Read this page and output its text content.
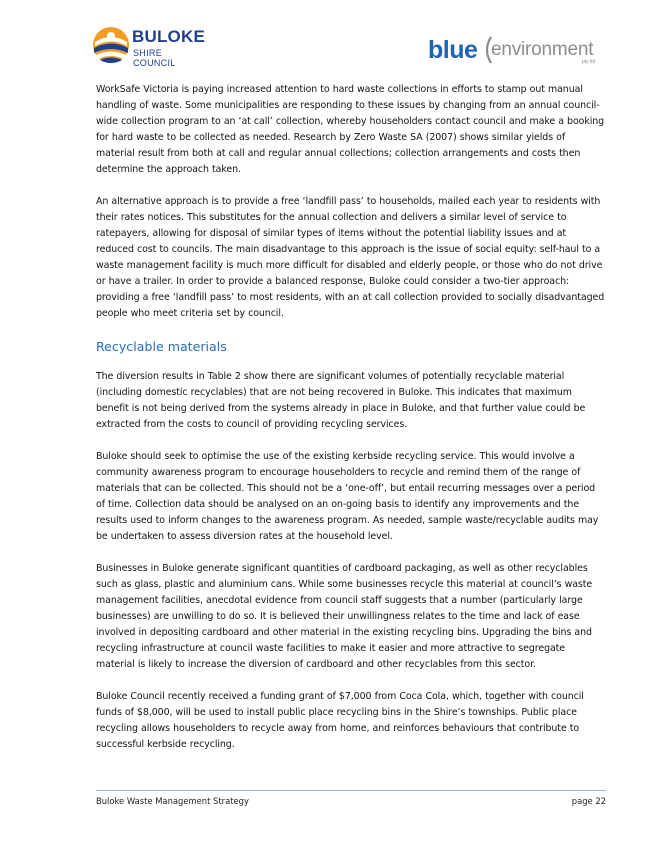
BULOKE
SHIRE COUNCIL	blue environment
pty ltd

WorkSafe Victoria is paying increased attention to hard waste collections in efforts to stamp out manual handling of waste. Some municipalities are responding to these issues by changing from an annual council-wide collection program to an ‘at call’ collection, whereby householders contact council and make a booking for hard waste to be collected as needed. Research by Zero Waste SA (2007) shows similar yields of material result from both at call and regular annual collections; collection arrangements and costs then determine the approach taken.

An alternative approach is to provide a free ‘landfill pass’ to households, mailed each year to residents with their rates notices. This substitutes for the annual collection and delivers a similar level of service to ratepayers, allowing for disposal of similar types of items without the potential liability issues and at reduced cost to councils. The main disadvantage to this approach is the issue of social equity: self-haul to a waste management facility is much more difficult for disabled and elderly people, or those who do not drive or have a trailer. In order to provide a balanced response, Buloke could consider a two-tier approach: providing a free ‘landfill pass’ to most residents, with an at call collection provided to socially disadvantaged people who meet criteria set by council.

Recyclable materials

The diversion results in Table 2 show there are significant volumes of potentially recyclable material (including domestic recyclables) that are not being recovered in Buloke. This indicates that maximum benefit is not being derived from the systems already in place in Buloke, and that further value could be extracted from the costs to council of providing recycling services.

Buloke should seek to optimise the use of the existing kerbside recycling service. This would involve a community awareness program to encourage householders to recycle and remind them of the range of materials that can be collected. This should not be a ‘one-off’, but entail recurring messages over a period of time. Collection data should be analysed on an on-going basis to identify any improvements and the results used to inform changes to the awareness program. As needed, sample waste/recyclable audits may be undertaken to assess diversion rates at the household level.

Businesses in Buloke generate significant quantities of cardboard packaging, as well as other recyclables such as glass, plastic and aluminium cans. While some businesses recycle this material at council’s waste management facilities, anecdotal evidence from council staff suggests that a number (particularly large businesses) are unwilling to do so. It is believed their unwillingness relates to the time and lack of ease involved in depositing cardboard and other material in the existing recycling bins. Upgrading the bins and recycling infrastructure at council waste facilities to make it easier and more attractive to segregate material is likely to increase the diversion of cardboard and other recyclables from this sector.

Buloke Council recently received a funding grant of $7,000 from Coca Cola, which, together with council funds of $8,000, will be used to install public place recycling bins in the Shire’s townships. Public place recycling allows householders to recycle away from home, and reinforces behaviours that contribute to successful kerbside recycling.

Buloke Waste Management Strategy	page 22
